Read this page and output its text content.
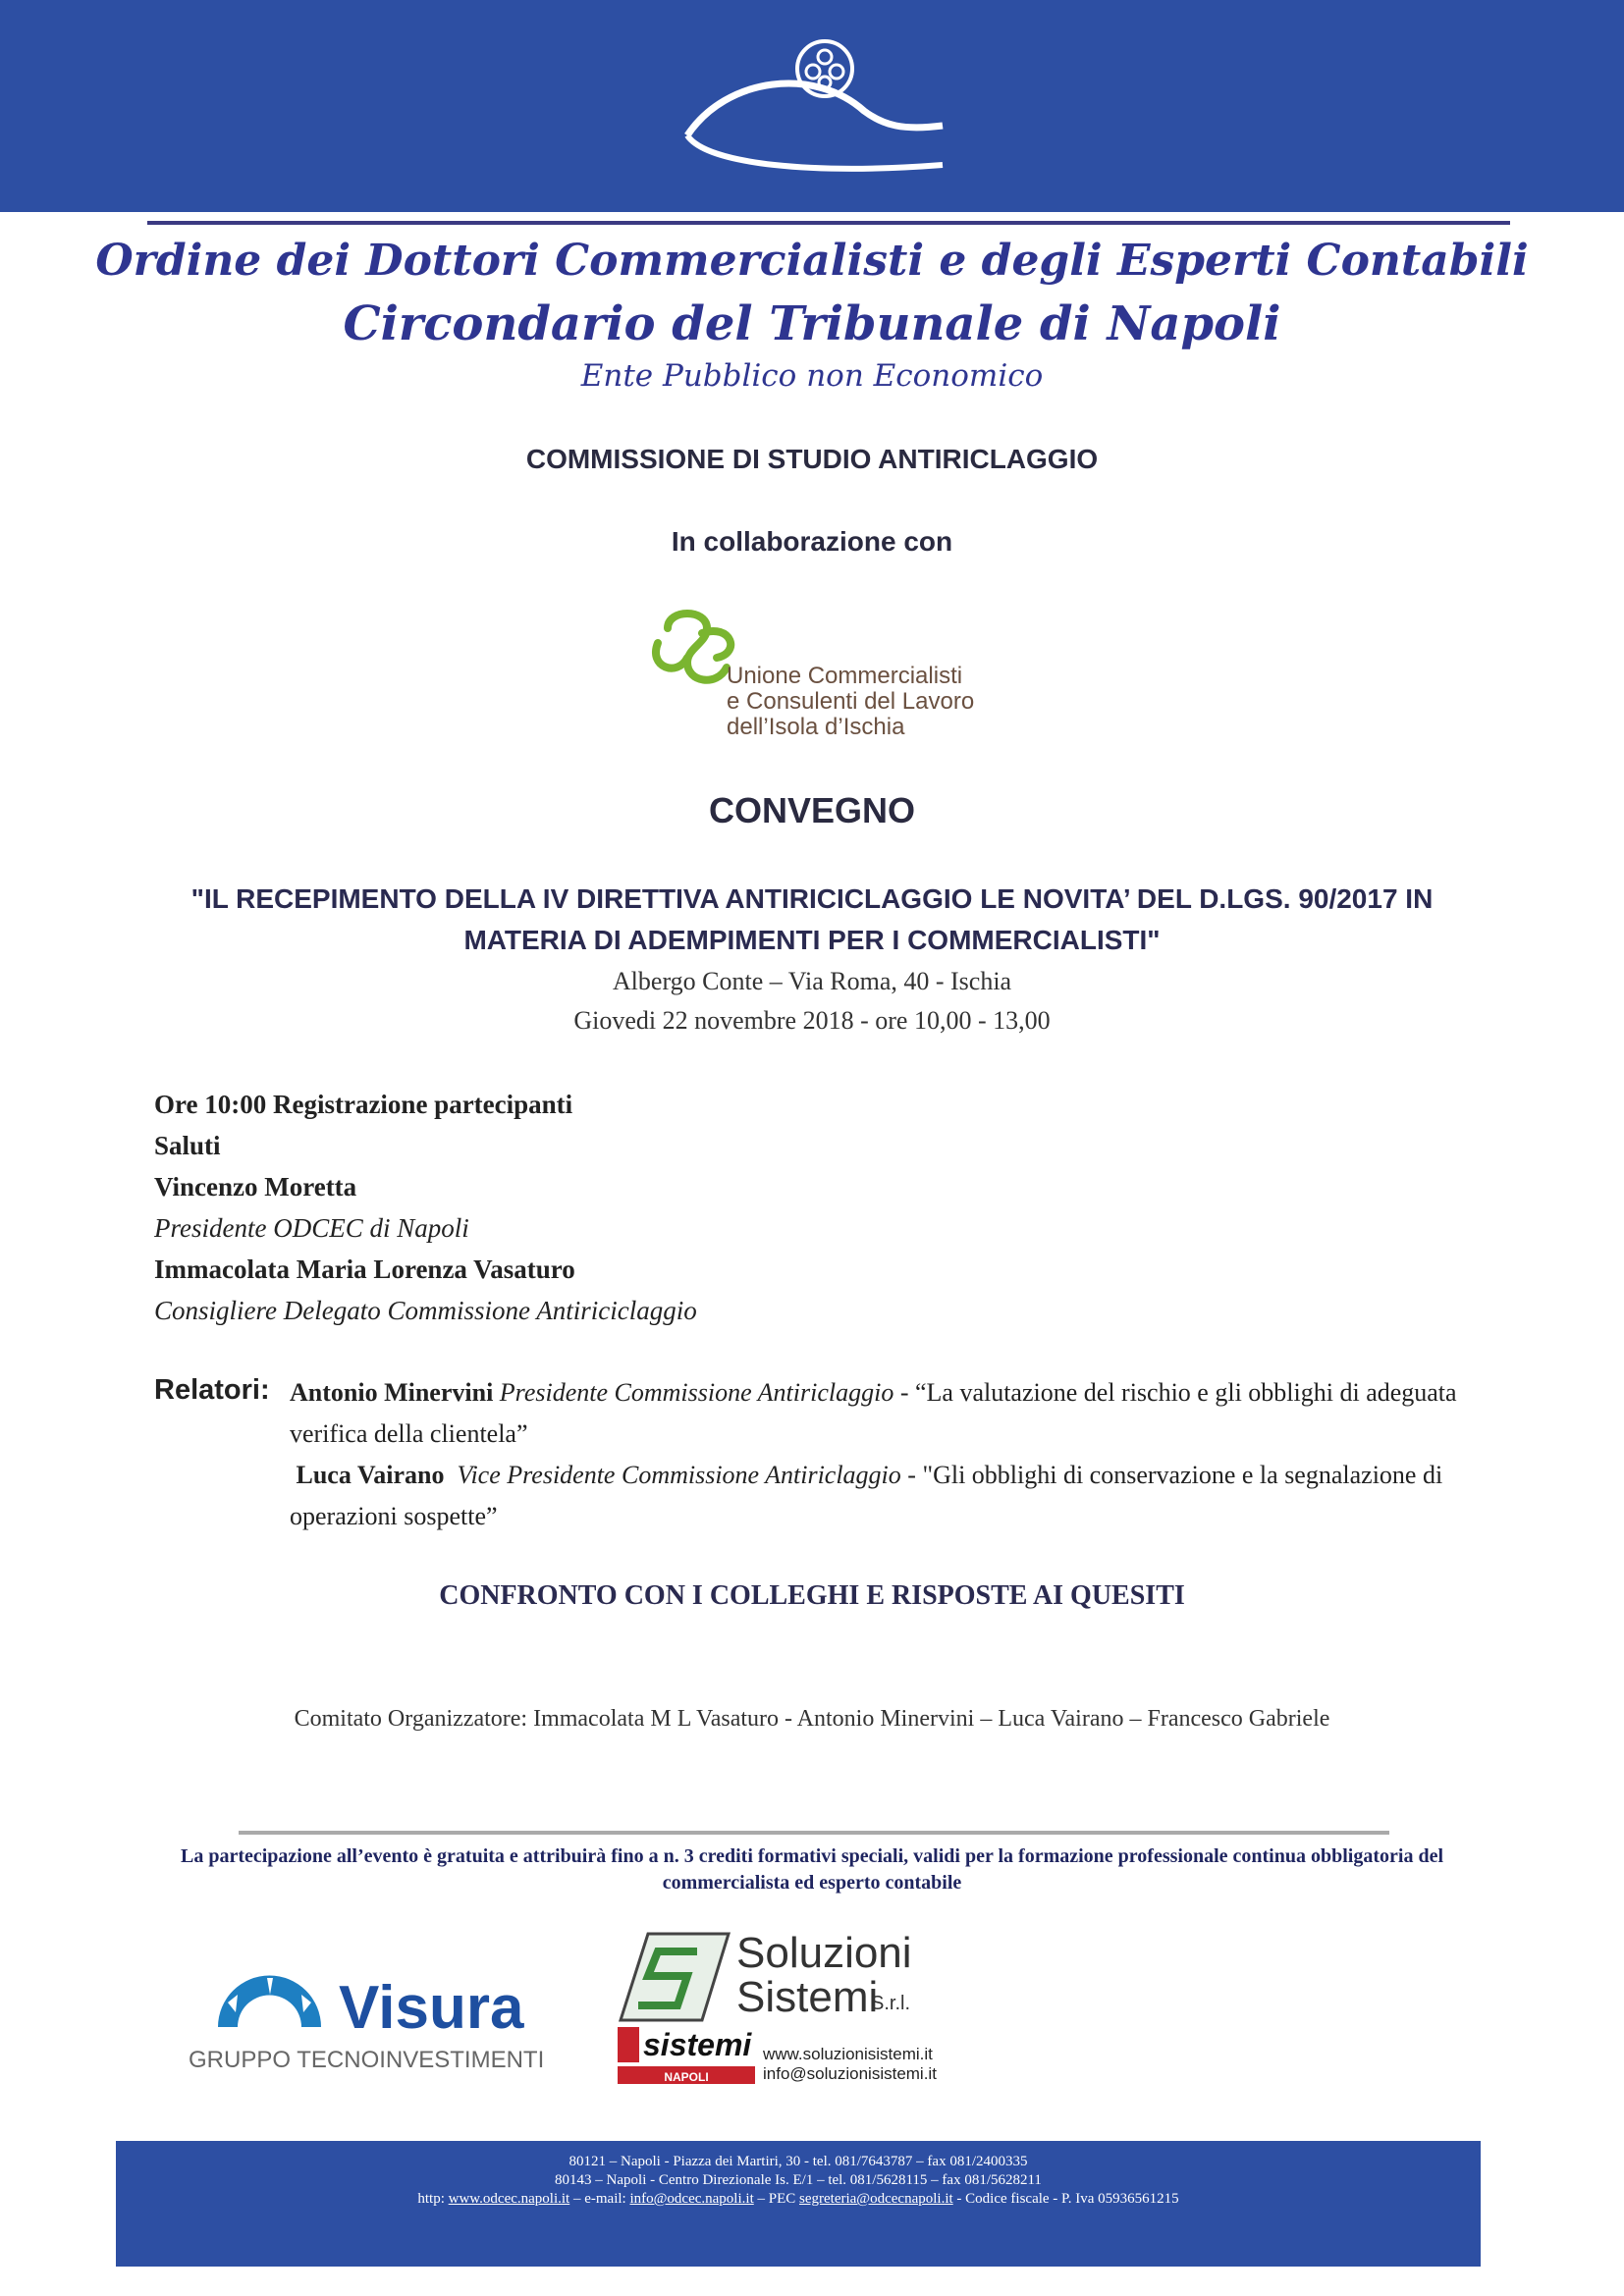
Ordine dei Dottori Commercialisti e degli Esperti Contabili
Circondario del Tribunale di Napoli
Ente Pubblico non Economico
COMMISSIONE DI STUDIO ANTIRICLAGGIO
In collaborazione con
Unione Commercialisti
e Consulenti del Lavoro
dell’Isola d’Ischia
CONVEGNO
"IL RECEPIMENTO DELLA IV DIRETTIVA ANTIRICICLAGGIO LE NOVITA’ DEL D.LGS. 90/2017 IN MATERIA DI ADEMPIMENTI PER I COMMERCIALISTI"
Albergo Conte – Via Roma, 40 - Ischia
Giovedi 22 novembre 2018 - ore 10,00 - 13,00
Ore 10:00 Registrazione partecipanti
Saluti
Vincenzo Moretta
Presidente ODCEC di Napoli
Immacolata Maria Lorenza Vasaturo
Consigliere Delegato Commissione Antiriciclaggio
Relatori: Antonio Minervini Presidente Commissione Antiriclaggio - “La valutazione del rischio e gli obblighi di adeguata verifica della clientela”
Luca Vairano Vice Presidente Commissione Antiriclaggio - "Gli obblighi di conservazione e la segnalazione di operazioni sospette”
CONFRONTO CON I COLLEGHI E RISPOSTE AI QUESITI
Comitato Organizzatore: Immacolata M L Vasaturo - Antonio Minervini – Luca Vairano – Francesco Gabriele
La partecipazione all’evento è gratuita e attribuirà fino a n. 3 crediti formativi speciali, validi per la formazione professionale continua obbligatoria del commercialista ed esperto contabile
Visura
GRUPPO TECNOINVESTIMENTI
Soluzioni
Sistemi
S.r.l.
sistemi
NAPOLI
www.soluzionisistemi.it
info@soluzionisistemi.it
80121 – Napoli - Piazza dei Martiri, 30 - tel. 081/7643787 – fax 081/2400335
80143 – Napoli - Centro Direzionale Is. E/1 – tel. 081/5628115 – fax 081/5628211
http: www.odcec.napoli.it – e-mail: info@odcec.napoli.it – PEC segreteria@odcecnapoli.it - Codice fiscale - P. Iva 05936561215
